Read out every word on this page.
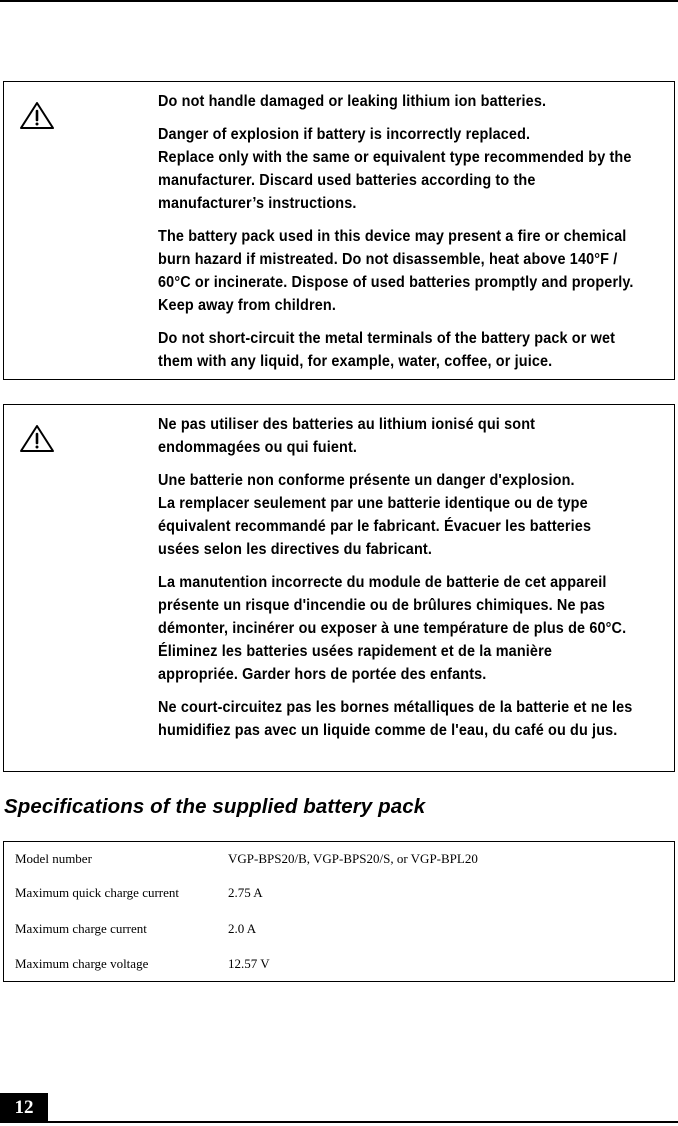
Do not handle damaged or leaking lithium ion batteries.

Danger of explosion if battery is incorrectly replaced.
Replace only with the same or equivalent type recommended by the manufacturer. Discard used batteries according to the manufacturer’s instructions.

The battery pack used in this device may present a fire or chemical burn hazard if mistreated. Do not disassemble, heat above 140°F / 60°C or incinerate. Dispose of used batteries promptly and properly. Keep away from children.

Do not short-circuit the metal terminals of the battery pack or wet them with any liquid, for example, water, coffee, or juice.

Ne pas utiliser des batteries au lithium ionisé qui sont endommagées ou qui fuient.

Une batterie non conforme présente un danger d'explosion.
La remplacer seulement par une batterie identique ou de type équivalent recommandé par le fabricant. Évacuer les batteries usées selon les directives du fabricant.

La manutention incorrecte du module de batterie de cet appareil présente un risque d'incendie ou de brûlures chimiques. Ne pas démonter, incinérer ou exposer à une température de plus de 60°C. Éliminez les batteries usées rapidement et de la manière appropriée. Garder hors de portée des enfants.

Ne court-circuitez pas les bornes métalliques de la batterie et ne les humidifiez pas avec un liquide comme de l'eau, du café ou du jus.

Specifications of the supplied battery pack
Model number	VGP-BPS20/B, VGP-BPS20/S, or VGP-BPL20
Maximum quick charge current	2.75 A
Maximum charge current	2.0 A
Maximum charge voltage	12.57 V
12
